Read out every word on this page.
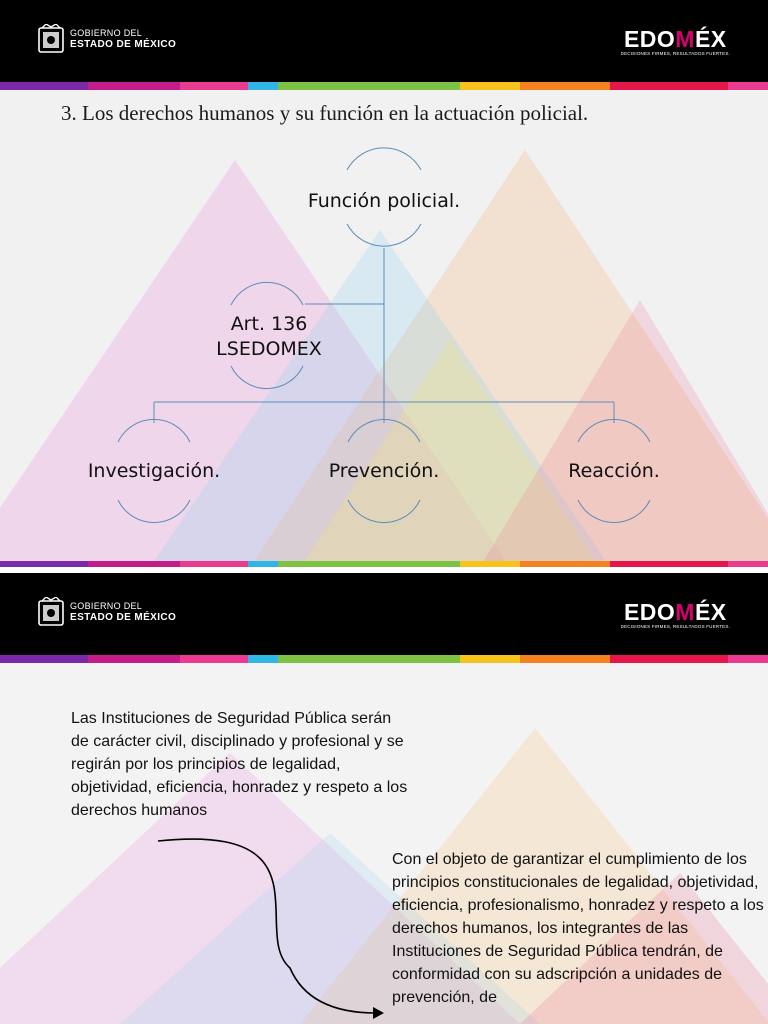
GOBIERNO DEL
ESTADO DE MÉXICO	EDOMÉX
DECISIONES FIRMES, RESULTADOS FUERTES.
3. Los derechos humanos y su función en la actuación policial.
Función policial.
Art. 136
LSEDOMEX
Investigación.	Prevención.	Reacción.
GOBIERNO DEL
ESTADO DE MÉXICO	EDOMÉX
DECISIONES FIRMES, RESULTADOS FUERTES.
Las Instituciones de Seguridad Pública serán de carácter civil, disciplinado y profesional y se regirán por los principios de legalidad, objetividad, eficiencia, honradez y respeto a los derechos humanos
Con el objeto de garantizar el cumplimiento de los principios constitucionales de legalidad, objetividad, eficiencia, profesionalismo, honradez y respeto a los derechos humanos, los integrantes de las Instituciones de Seguridad Pública tendrán, de conformidad con su adscripción a unidades de prevención, de
